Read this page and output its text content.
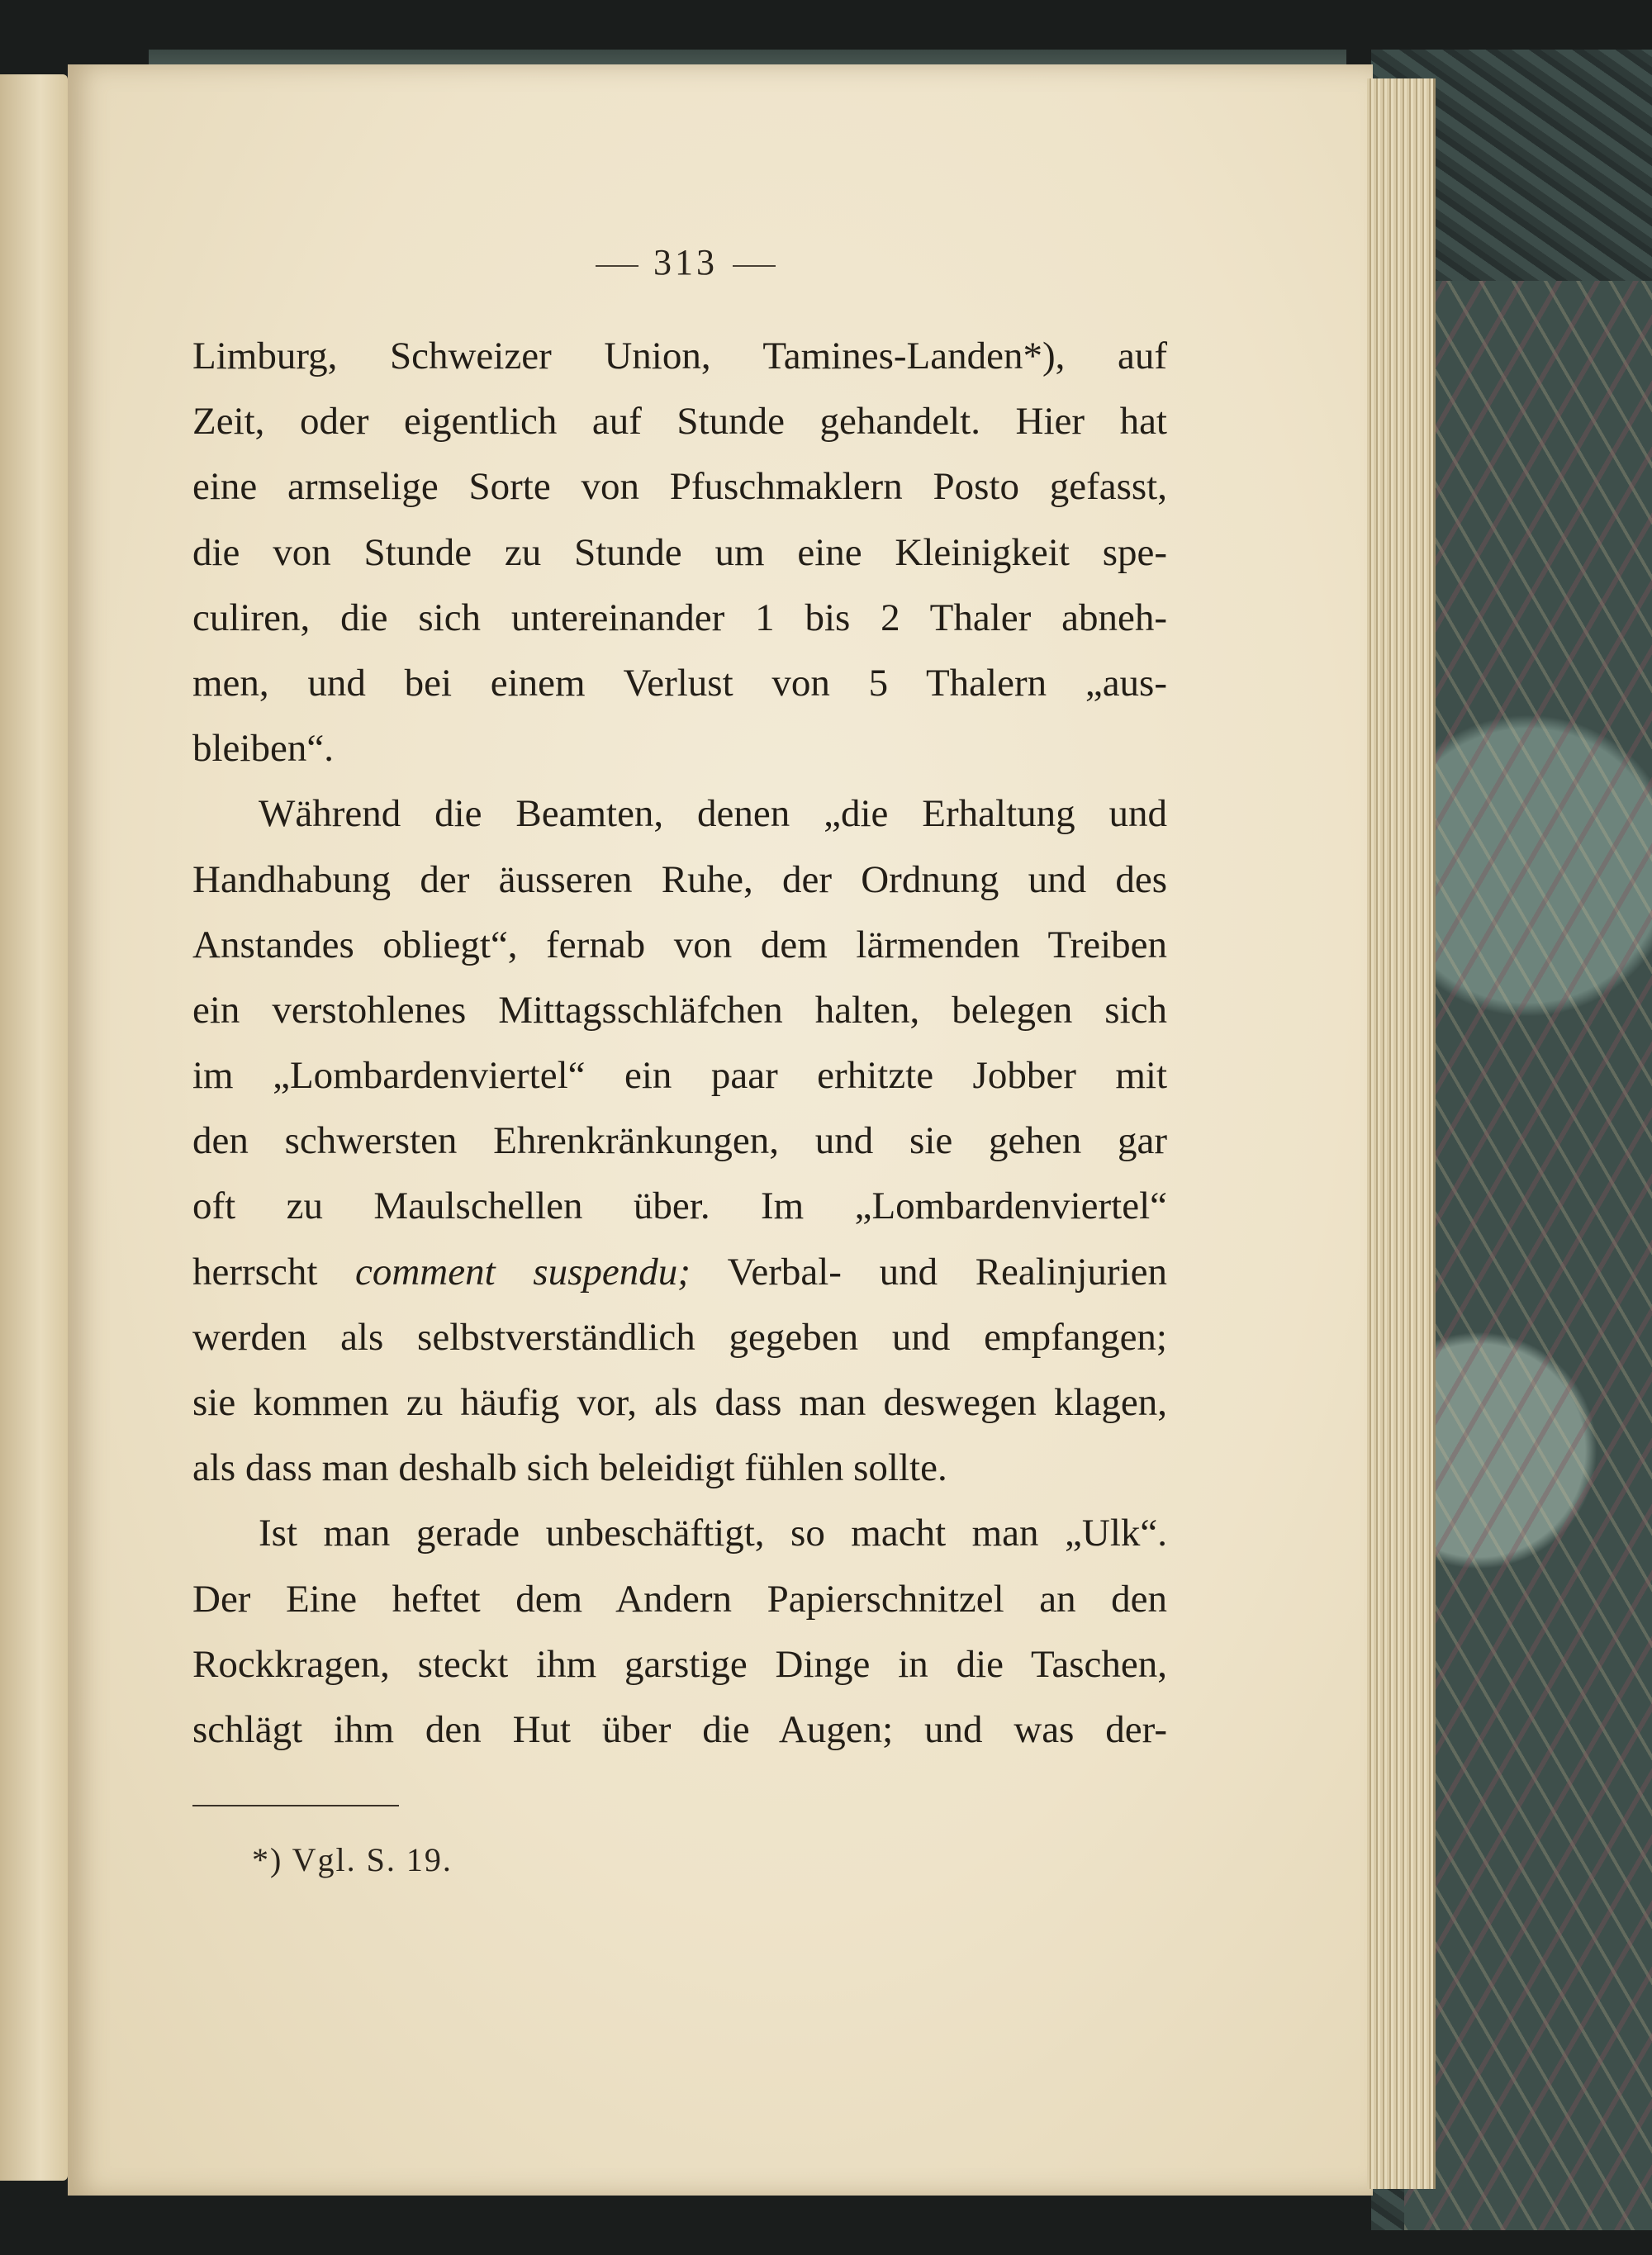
313
Limburg, Schweizer Union, Tamines-Landen*), auf
Zeit, oder eigentlich auf Stunde gehandelt. Hier hat
eine armselige Sorte von Pfuschmaklern Posto gefasst,
die von Stunde zu Stunde um eine Kleinigkeit spe-
culiren, die sich untereinander 1 bis 2 Thaler abneh-
men, und bei einem Verlust von 5 Thalern „aus-
bleiben“.
Während die Beamten, denen „die Erhaltung und
Handhabung der äusseren Ruhe, der Ordnung und des
Anstandes obliegt“, fernab von dem lärmenden Treiben
ein verstohlenes Mittagsschläfchen halten, belegen sich
im „Lombardenviertel“ ein paar erhitzte Jobber mit
den schwersten Ehrenkränkungen, und sie gehen gar
oft zu Maulschellen über. Im „Lombardenviertel“
herrscht comment suspendu; Verbal- und Realinjurien
werden als selbstverständlich gegeben und empfangen;
sie kommen zu häufig vor, als dass man deswegen klagen,
als dass man deshalb sich beleidigt fühlen sollte.
Ist man gerade unbeschäftigt, so macht man „Ulk“.
Der Eine heftet dem Andern Papierschnitzel an den
Rockkragen, steckt ihm garstige Dinge in die Taschen,
schlägt ihm den Hut über die Augen; und was der-
*) Vgl. S. 19.
